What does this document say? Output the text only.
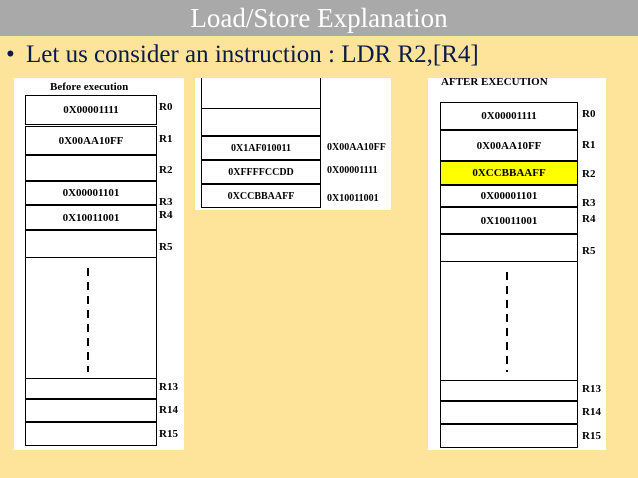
Load/Store Explanation
• Let us consider an instruction : LDR R2,[R4]
Before execution
0X00001111
0X00AA10FF
0X00001101
0X10011001
R0
R1
R2
R3
R4
R5
R13
R14
R15
0X1AF010011
0XFFFFCCDD
0XCCBBAAFF
0X00AA10FF
0X00001111
0X10011001
AFTER EXECUTION
0X00001111
0X00AA10FF
0XCCBBAAFF
0X00001101
0X10011001
R0
R1
R2
R3
R4
R5
R13
R14
R15
